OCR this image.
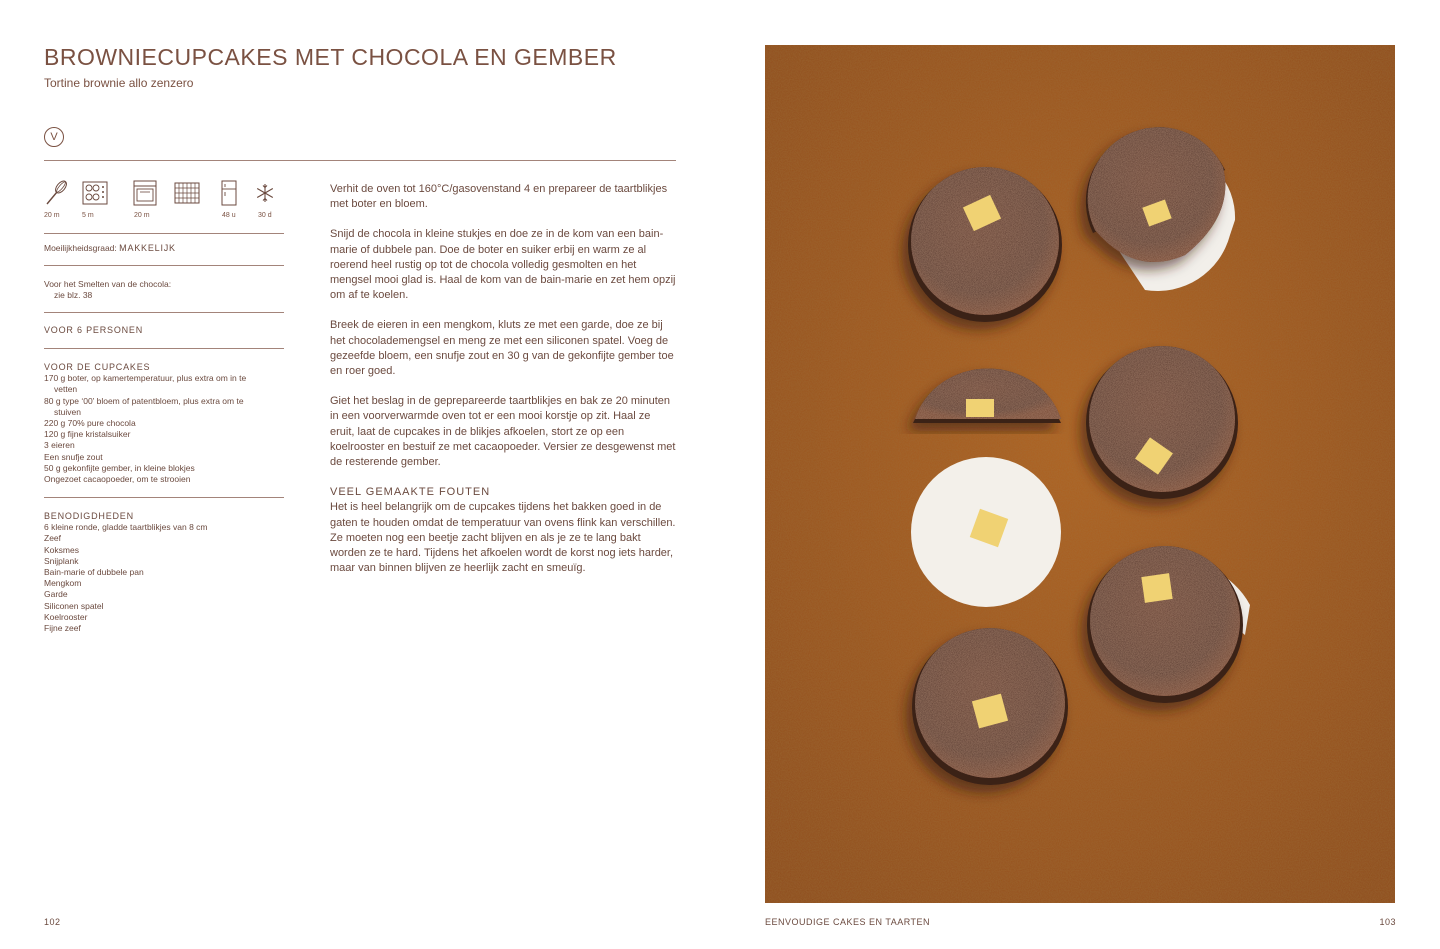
BROWNIECUPCAKES MET CHOCOLA EN GEMBER
Tortine brownie allo zenzero
V
20 m	5 m	20 m	48 u	30 d
Moeilijkheidsgraad: MAKKELIJK
Voor het Smelten van de chocola:
zie blz. 38
VOOR 6 PERSONEN
VOOR DE CUPCAKES
170 g boter, op kamertemperatuur, plus extra om in te
vetten
80 g type ‘00’ bloem of patentbloem, plus extra om te
stuiven
220 g 70% pure chocola
120 g fijne kristalsuiker
3 eieren
Een snufje zout
50 g gekonfijte gember, in kleine blokjes
Ongezoet cacaopoeder, om te strooien
BENODIGDHEDEN
6 kleine ronde, gladde taartblikjes van 8 cm
Zeef
Koksmes
Snijplank
Bain-marie of dubbele pan
Mengkom
Garde
Siliconen spatel
Koelrooster
Fijne zeef

Verhit de oven tot 160°C/gasovenstand 4 en prepareer de taartblikjes met boter en bloem.

Snijd de chocola in kleine stukjes en doe ze in de kom van een bain-marie of dubbele pan. Doe de boter en suiker erbij en warm ze al roerend heel rustig op tot de chocola volledig gesmolten en het mengsel mooi glad is. Haal de kom van de bain-marie en zet hem opzij om af te koelen.

Breek de eieren in een mengkom, kluts ze met een garde, doe ze bij het chocolademengsel en meng ze met een siliconen spatel. Voeg de gezeefde bloem, een snufje zout en 30 g van de gekonfijte gember toe en roer goed.

Giet het beslag in de geprepareerde taartblikjes en bak ze 20 minuten in een voorverwarmde oven tot er een mooi korstje op zit. Haal ze eruit, laat de cupcakes in de blikjes afkoelen, stort ze op een koelrooster en bestuif ze met cacaopoeder. Versier ze desgewenst met de resterende gember.

VEEL GEMAAKTE FOUTEN

Het is heel belangrijk om de cupcakes tijdens het bakken goed in de gaten te houden omdat de temperatuur van ovens flink kan verschillen. Ze moeten nog een beetje zacht blijven en als je ze te lang bakt worden ze te hard. Tijdens het afkoelen wordt de korst nog iets harder, maar van binnen blijven ze heerlijk zacht en smeuïg.

102	EENVOUDIGE CAKES EN TAARTEN	103
